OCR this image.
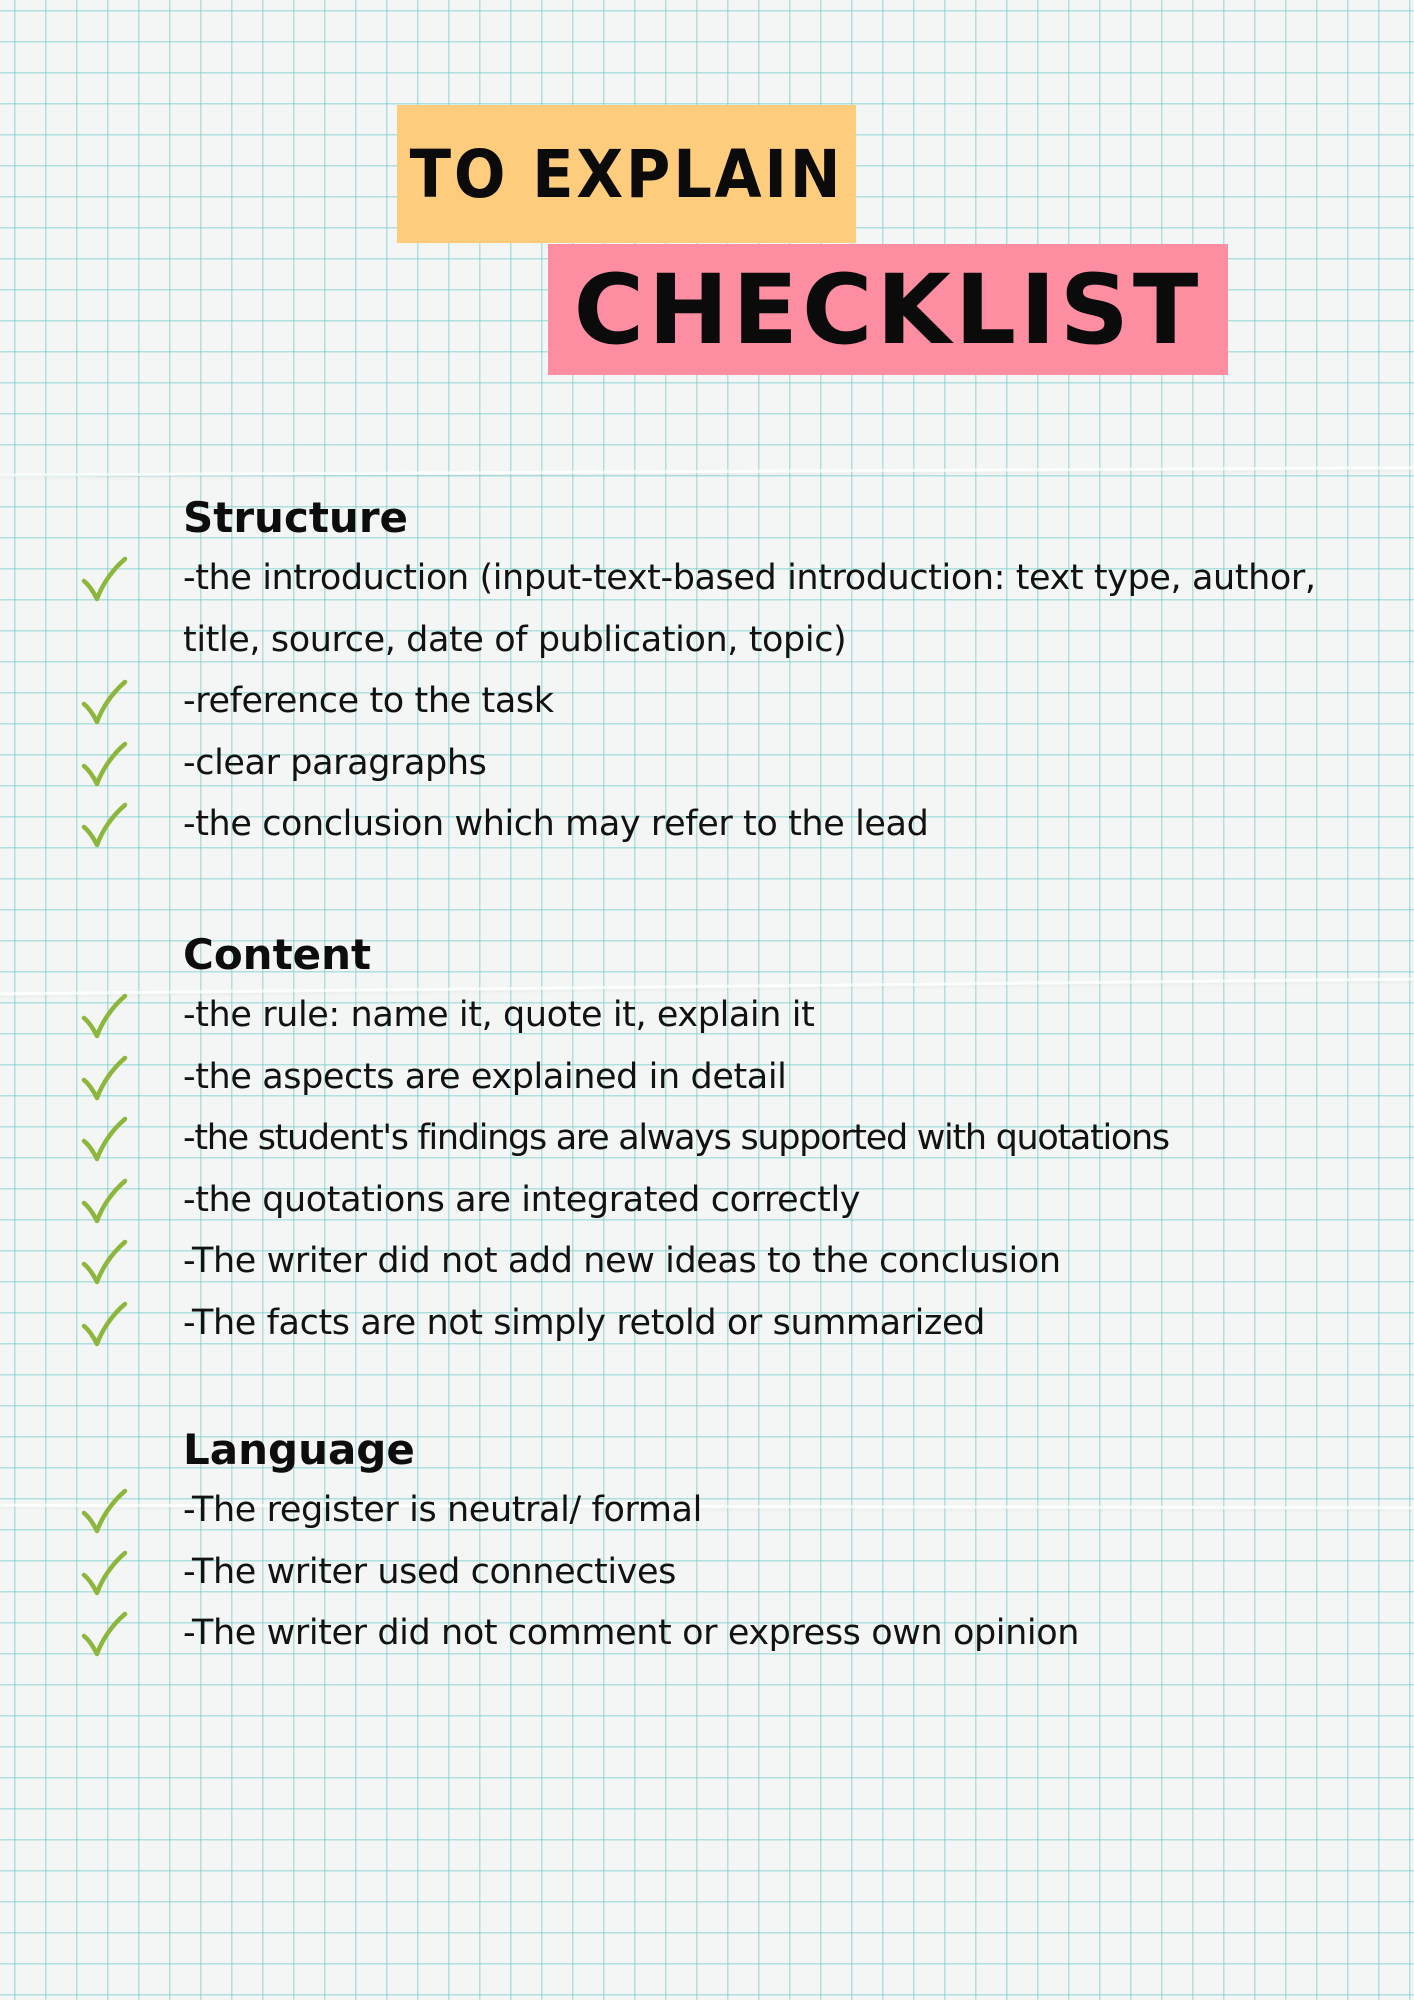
TO EXPLAIN
CHECKLIST
Structure
-the introduction (input-text-based introduction: text type, author, title, source, date of publication, topic)
-reference to the task
-clear paragraphs
-the conclusion which may refer to the lead
Content
-the rule: name it, quote it, explain it
-the aspects are explained in detail
-the student's findings are always supported with quotations
-the quotations are integrated correctly
-The writer did not add new ideas to the conclusion
-The facts are not simply retold or summarized
Language
-The register is neutral/ formal
-The writer used connectives
-The writer did not comment or express own opinion
